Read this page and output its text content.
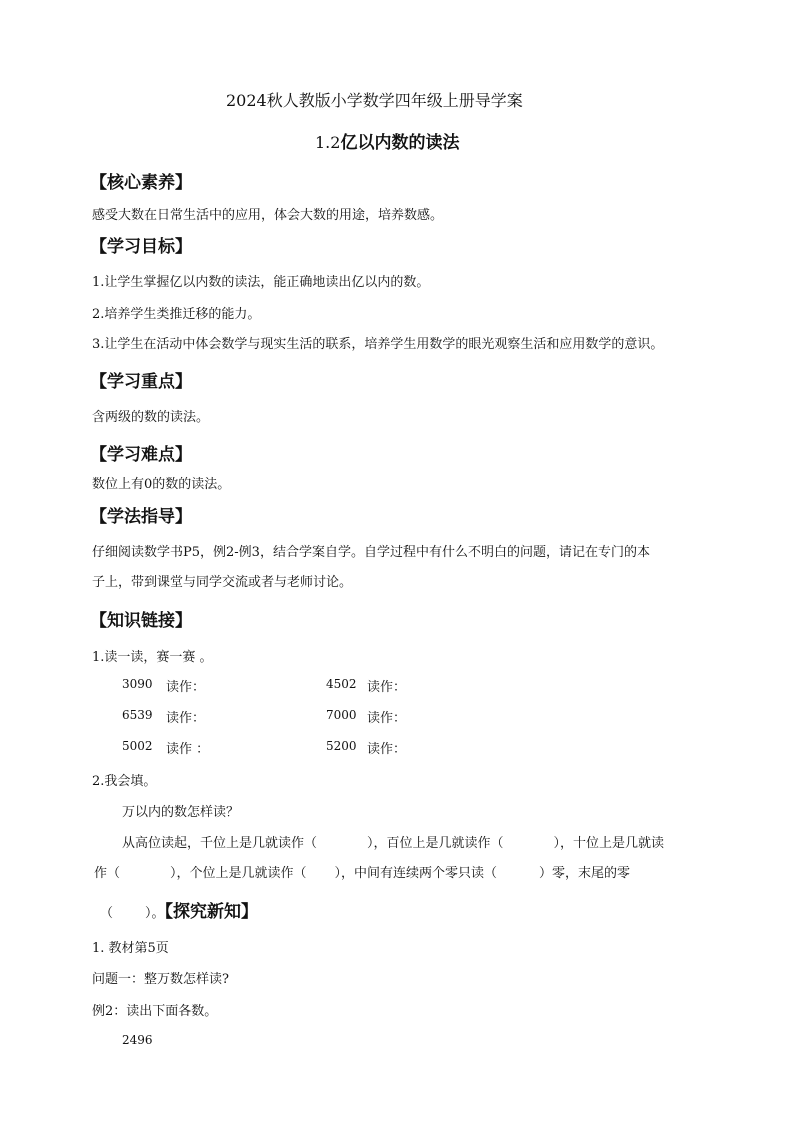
2024秋人教版小学数学四年级上册导学案
1.2亿以内数的读法
【核心素养】
感受大数在日常生活中的应用，体会大数的用途，培养数感。
【学习目标】
1.让学生掌握亿以内数的读法，能正确地读出亿以内的数。
2.培养学生类推迁移的能力。
3.让学生在活动中体会数学与现实生活的联系，培养学生用数学的眼光观察生活和应用数学的意识。
【学习重点】
含两级的数的读法。
【学习难点】
数位上有0的数的读法。
【学法指导】
仔细阅读数学书P5，例2-例3，结合学案自学。自学过程中有什么不明白的问题，请记在专门的本
子上，带到课堂与同学交流或者与老师讨论。
【知识链接】
1.读一读，赛一赛 。
3090 读作：	4502 读作：
6539 读作：	7000 读作：
5002 读作 ：	5200 读作：
2.我会填。
万以内的数怎样读？
从高位读起，千位上是几就读作（	），百位上是几就读作（	），十位上是几就读
作（	），个位上是几就读作（ ），中间有连续两个零只读（	）零，末尾的零
（ ）。【探究新知】
1. 教材第5页
问题一：整万数怎样读?
例2：读出下面各数。
2496
